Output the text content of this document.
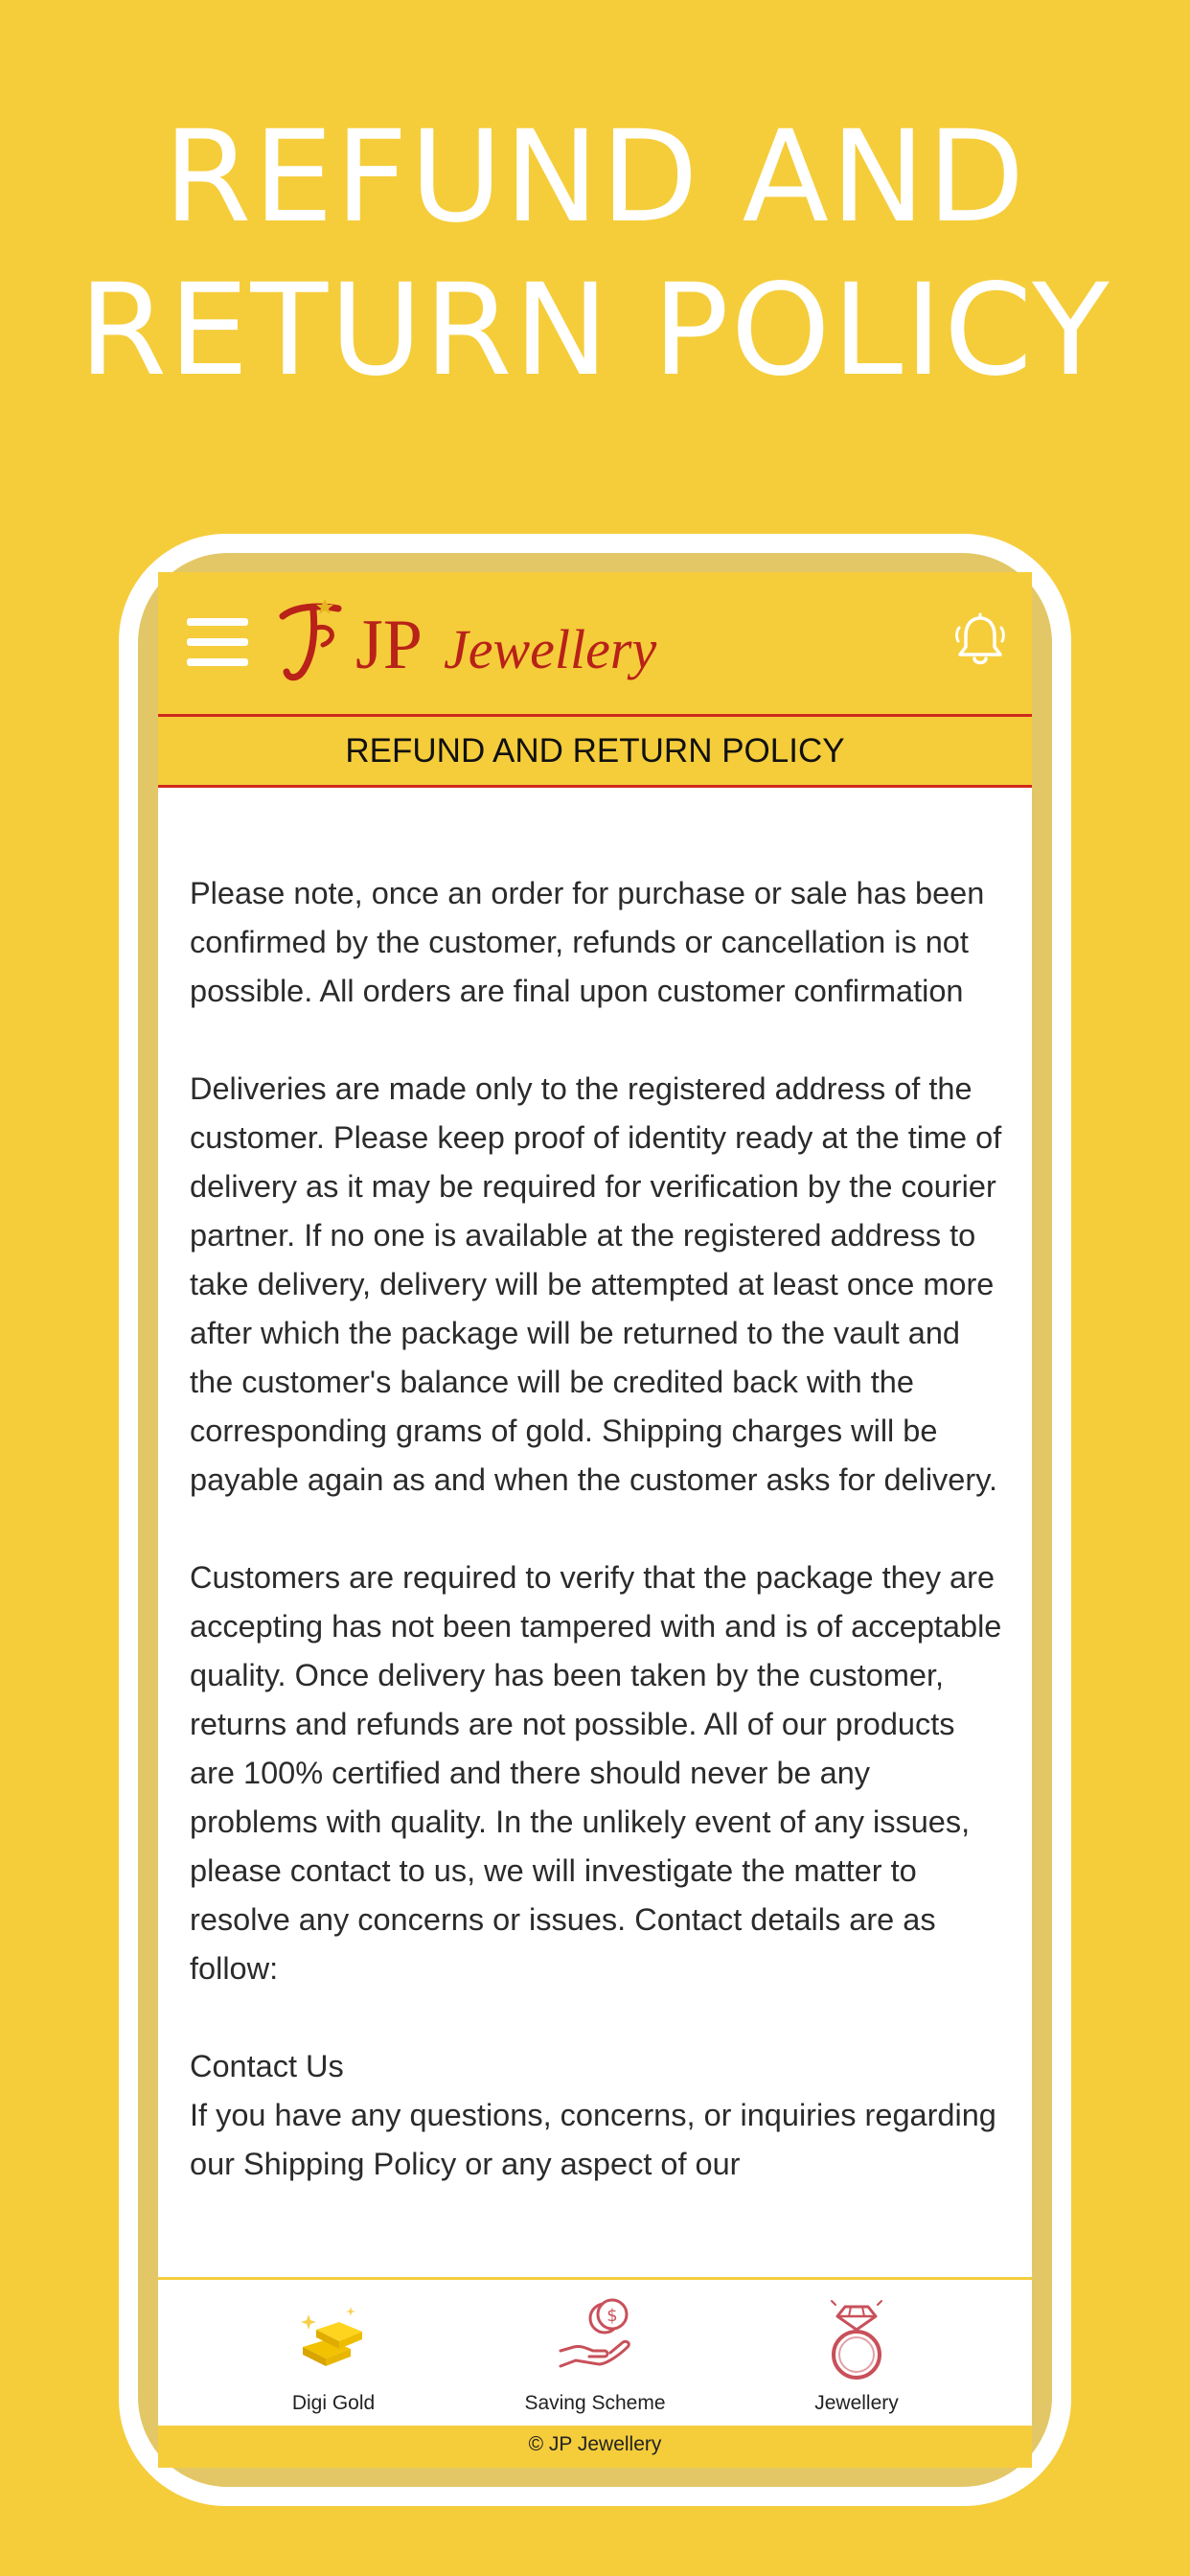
REFUND AND
RETURN POLICY
JP Jewellery
REFUND AND RETURN POLICY

Please note, once an order for purchase or sale has been confirmed by the customer, refunds or cancellation is not possible. All orders are final upon customer confirmation

Deliveries are made only to the registered address of the customer. Please keep proof of identity ready at the time of delivery as it may be required for verification by the courier partner. If no one is available at the registered address to take delivery, delivery will be attempted at least once more after which the package will be returned to the vault and the customer's balance will be credited back with the corresponding grams of gold. Shipping charges will be payable again as and when the customer asks for delivery.

Customers are required to verify that the package they are accepting has not been tampered with and is of acceptable quality. Once delivery has been taken by the customer, returns and refunds are not possible. All of our products are 100% certified and there should never be any problems with quality. In the unlikely event of any issues, please contact to us, we will investigate the matter to resolve any concerns or issues. Contact details are as follow:

Contact Us

If you have any questions, concerns, or inquiries regarding our Shipping Policy or any aspect of our

Digi Gold
$
Saving Scheme	Jewellery
© JP Jewellery
